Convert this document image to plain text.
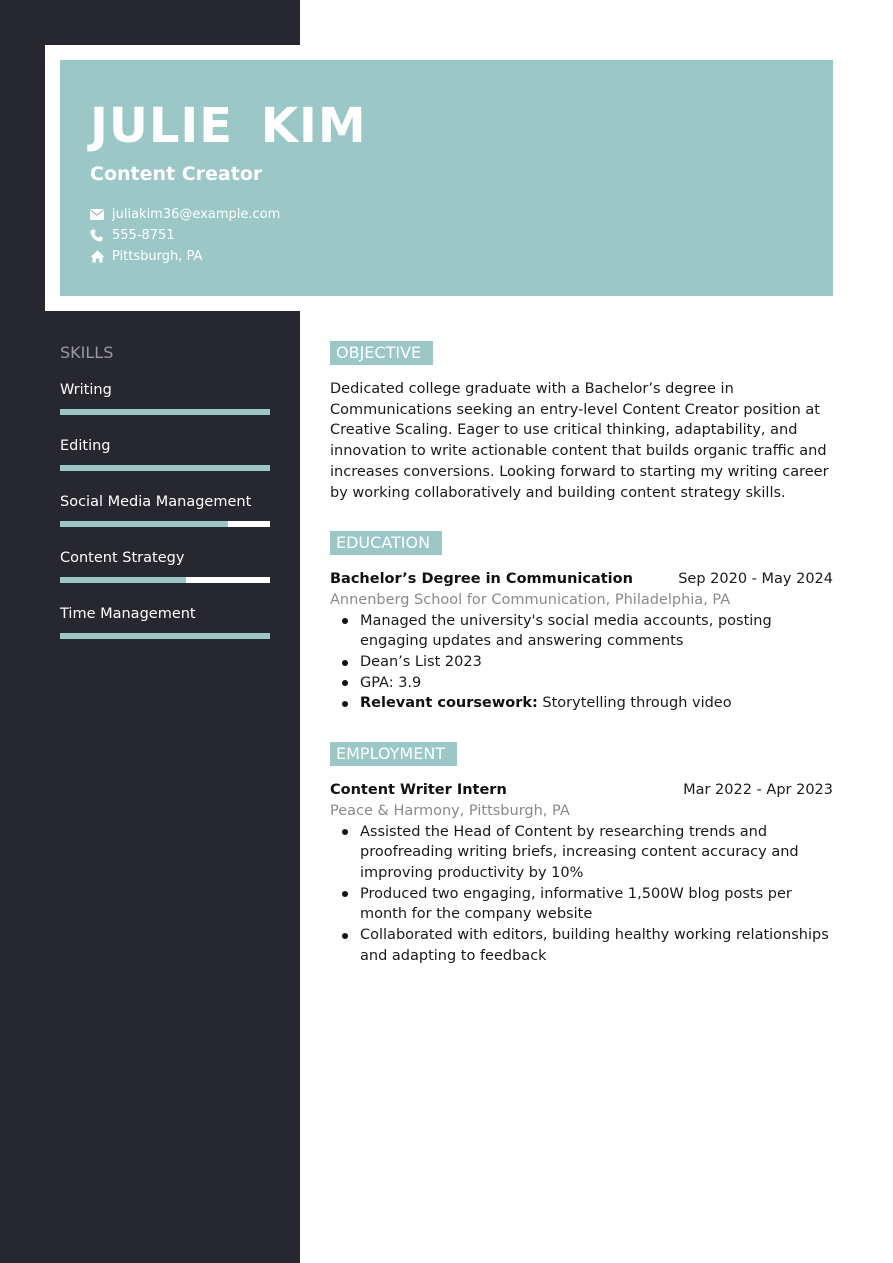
JULIE KIM
Content Creator
juliakim36@example.com
555-8751
Pittsburgh, PA
SKILLS
Writing
Editing
Social Media Management
Content Strategy
Time Management
OBJECTIVE

Dedicated college graduate with a Bachelor’s degree in Communications seeking an entry-level Content Creator position at Creative Scaling. Eager to use critical thinking, adaptability, and innovation to write actionable content that builds organic traffic and increases conversions. Looking forward to starting my writing career by working collaboratively and building content strategy skills.

EDUCATION
Bachelor’s Degree in Communication	Sep 2020 - May 2024
Annenberg School for Communication, Philadelphia, PA
Managed the university's social media accounts, posting engaging updates and answering comments
Dean’s List 2023
GPA: 3.9
Relevant coursework: Storytelling through video
EMPLOYMENT
Content Writer Intern	Mar 2022 - Apr 2023
Peace & Harmony, Pittsburgh, PA
Assisted the Head of Content by researching trends and proofreading writing briefs, increasing content accuracy and improving productivity by 10%
Produced two engaging, informative 1,500W blog posts per month for the company website
Collaborated with editors, building healthy working relationships and adapting to feedback
